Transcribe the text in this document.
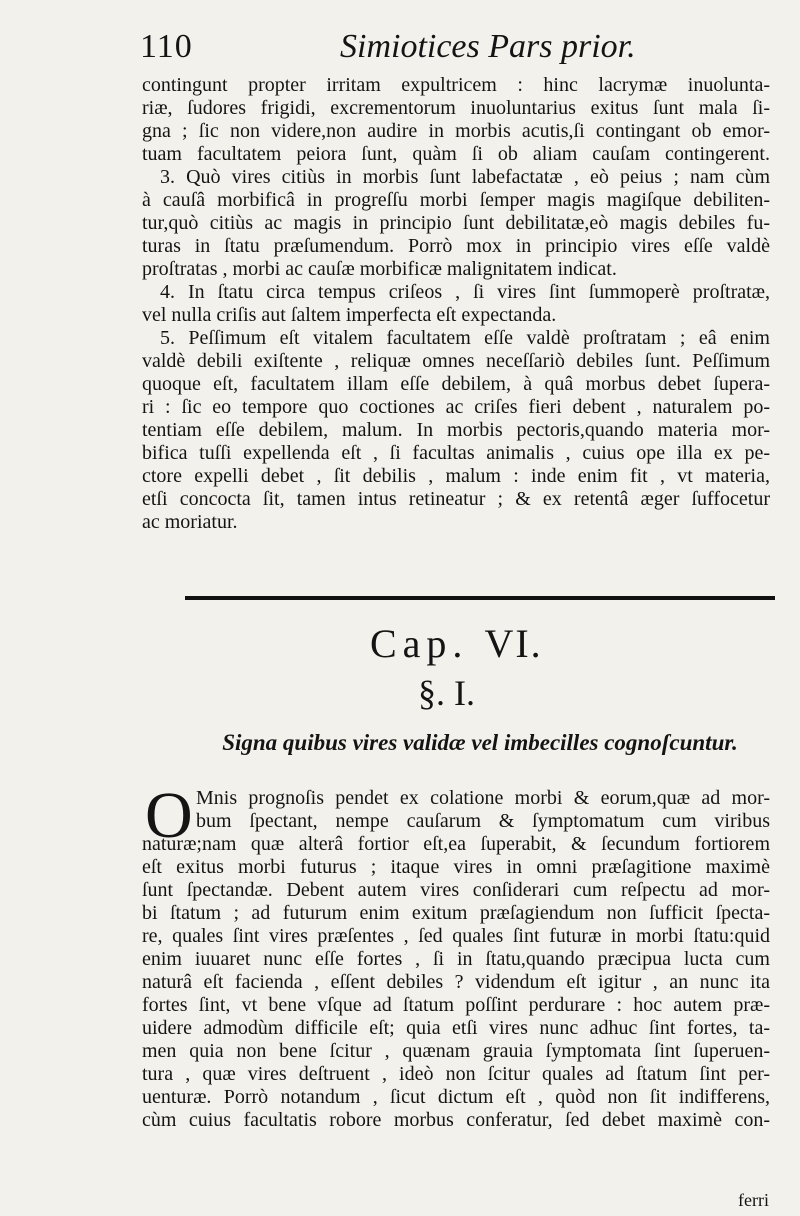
110	Simiotices Pars prior.
contingunt propter irritam expultricem : hinc lacrymæ inuolunta-
riæ, ſudores frigidi, excrementorum inuoluntarius exitus ſunt mala ſi-
gna ; ſic non videre,non audire in morbis acutis,ſi contingant ob emor-
tuam facultatem peiora ſunt, quàm ſi ob aliam cauſam contingerent.
3. Quò vires citiùs in morbis ſunt labefactatæ , eò peius ; nam cùm
à cauſâ morbificâ in progreſſu morbi ſemper magis magiſque debiliten-
tur,quò citiùs ac magis in principio ſunt debilitatæ,eò magis debiles fu-
turas in ſtatu præſumendum. Porrò mox in principio vires eſſe valdè
proſtratas , morbi ac cauſæ morbificæ malignitatem indicat.
4. In ſtatu circa tempus criſeos , ſi vires ſint ſummoperè proſtratæ,
vel nulla criſis aut ſaltem imperfecta eſt expectanda.
5. Peſſimum eſt vitalem facultatem eſſe valdè proſtratam ; eâ enim
valdè debili exiſtente , reliquæ omnes neceſſariò debiles ſunt. Peſſimum
quoque eſt, facultatem illam eſſe debilem, à quâ morbus debet ſupera-
ri : ſic eo tempore quo coctiones ac criſes fieri debent , naturalem po-
tentiam eſſe debilem, malum. In morbis pectoris,quando materia mor-
bifica tuſſi expellenda eſt , ſi facultas animalis , cuius ope illa ex pe-
ctore expelli debet , ſit debilis , malum : inde enim fit , vt materia,
etſi concocta ſit, tamen intus retineatur ; & ex retentâ æger ſuffocetur
ac moriatur.
Cap. VI.
§. I.
Signa quibus vires validæ vel imbecilles cognoſcuntur.
O Mnis prognoſis pendet ex colatione morbi & eorum,quæ ad mor-
bum ſpectant, nempe cauſarum & ſymptomatum cum viribus
naturæ;nam quæ alterâ fortior eſt,ea ſuperabit, & ſecundum fortiorem
eſt exitus morbi futurus ; itaque vires in omni præſagitione maximè
ſunt ſpectandæ. Debent autem vires conſiderari cum reſpectu ad mor-
bi ſtatum ; ad futurum enim exitum præſagiendum non ſufficit ſpecta-
re, quales ſint vires præſentes , ſed quales ſint futuræ in morbi ſtatu:quid
enim iuuaret nunc eſſe fortes , ſi in ſtatu,quando præcipua lucta cum
naturâ eſt facienda , eſſent debiles ? videndum eſt igitur , an nunc ita
fortes ſint, vt bene vſque ad ſtatum poſſint perdurare : hoc autem præ-
uidere admodùm difficile eſt; quia etſi vires nunc adhuc ſint fortes, ta-
men quia non bene ſcitur , quænam grauia ſymptomata ſint ſuperuen-
tura , quæ vires deſtruent , ideò non ſcitur quales ad ſtatum ſint per-
uenturæ. Porrò notandum , ſicut dictum eſt , quòd non ſit indifferens,
cùm cuius facultatis robore morbus conferatur, ſed debet maximè con-
ferri
